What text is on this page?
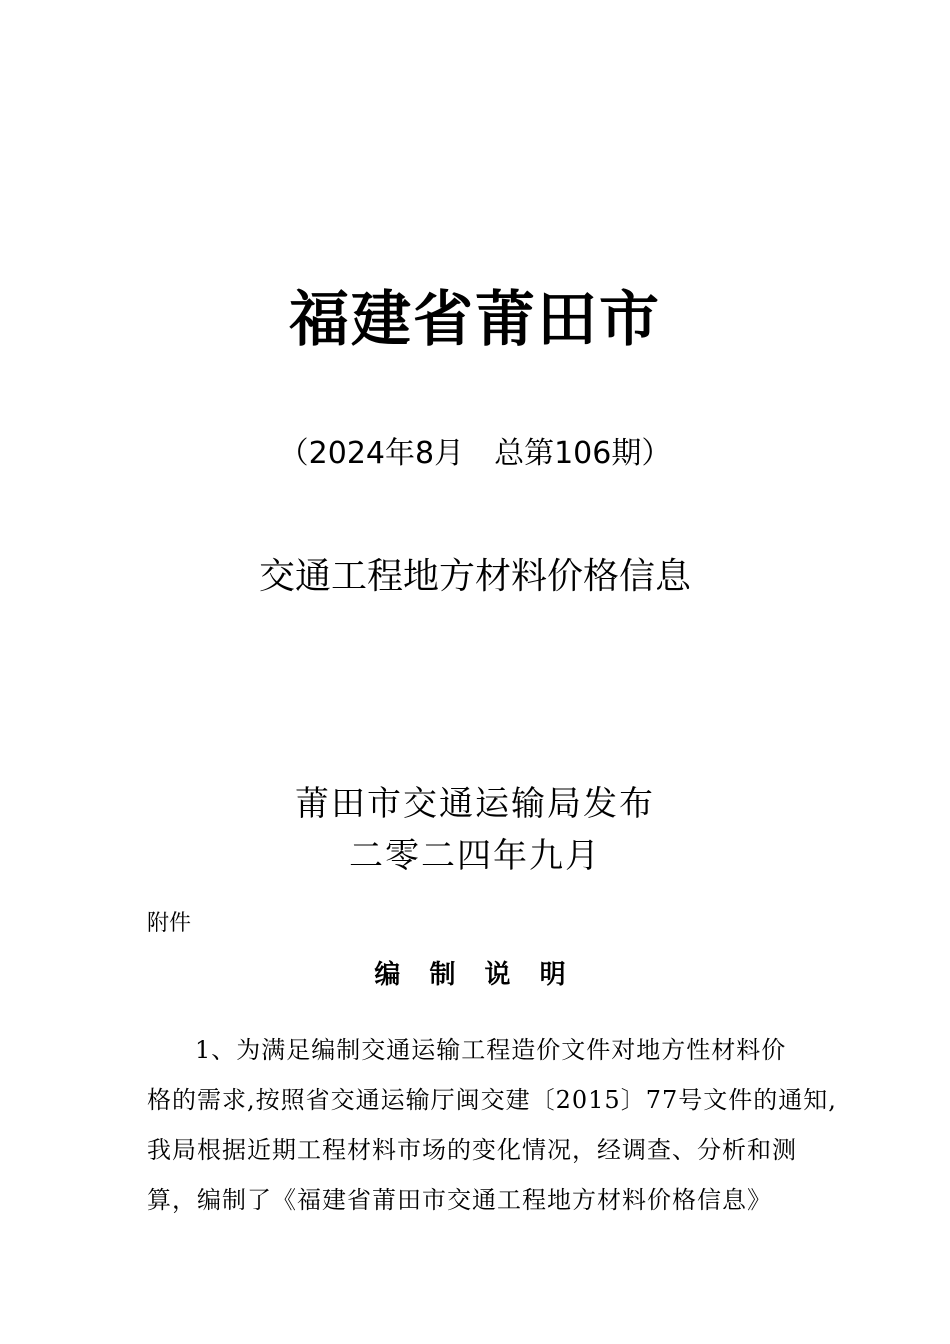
福建省莆田市
（2024年8月　总第106期）
交通工程地方材料价格信息
莆田市交通运输局发布
二零二四年九月
附件
编 制 说 明
1、为满足编制交通运输工程造价文件对地方性材料价
格的需求,按照省交通运输厅闽交建〔2015〕77号文件的通知,
我局根据近期工程材料市场的变化情况，经调查、分析和测
算，编制了《福建省莆田市交通工程地方材料价格信息》
